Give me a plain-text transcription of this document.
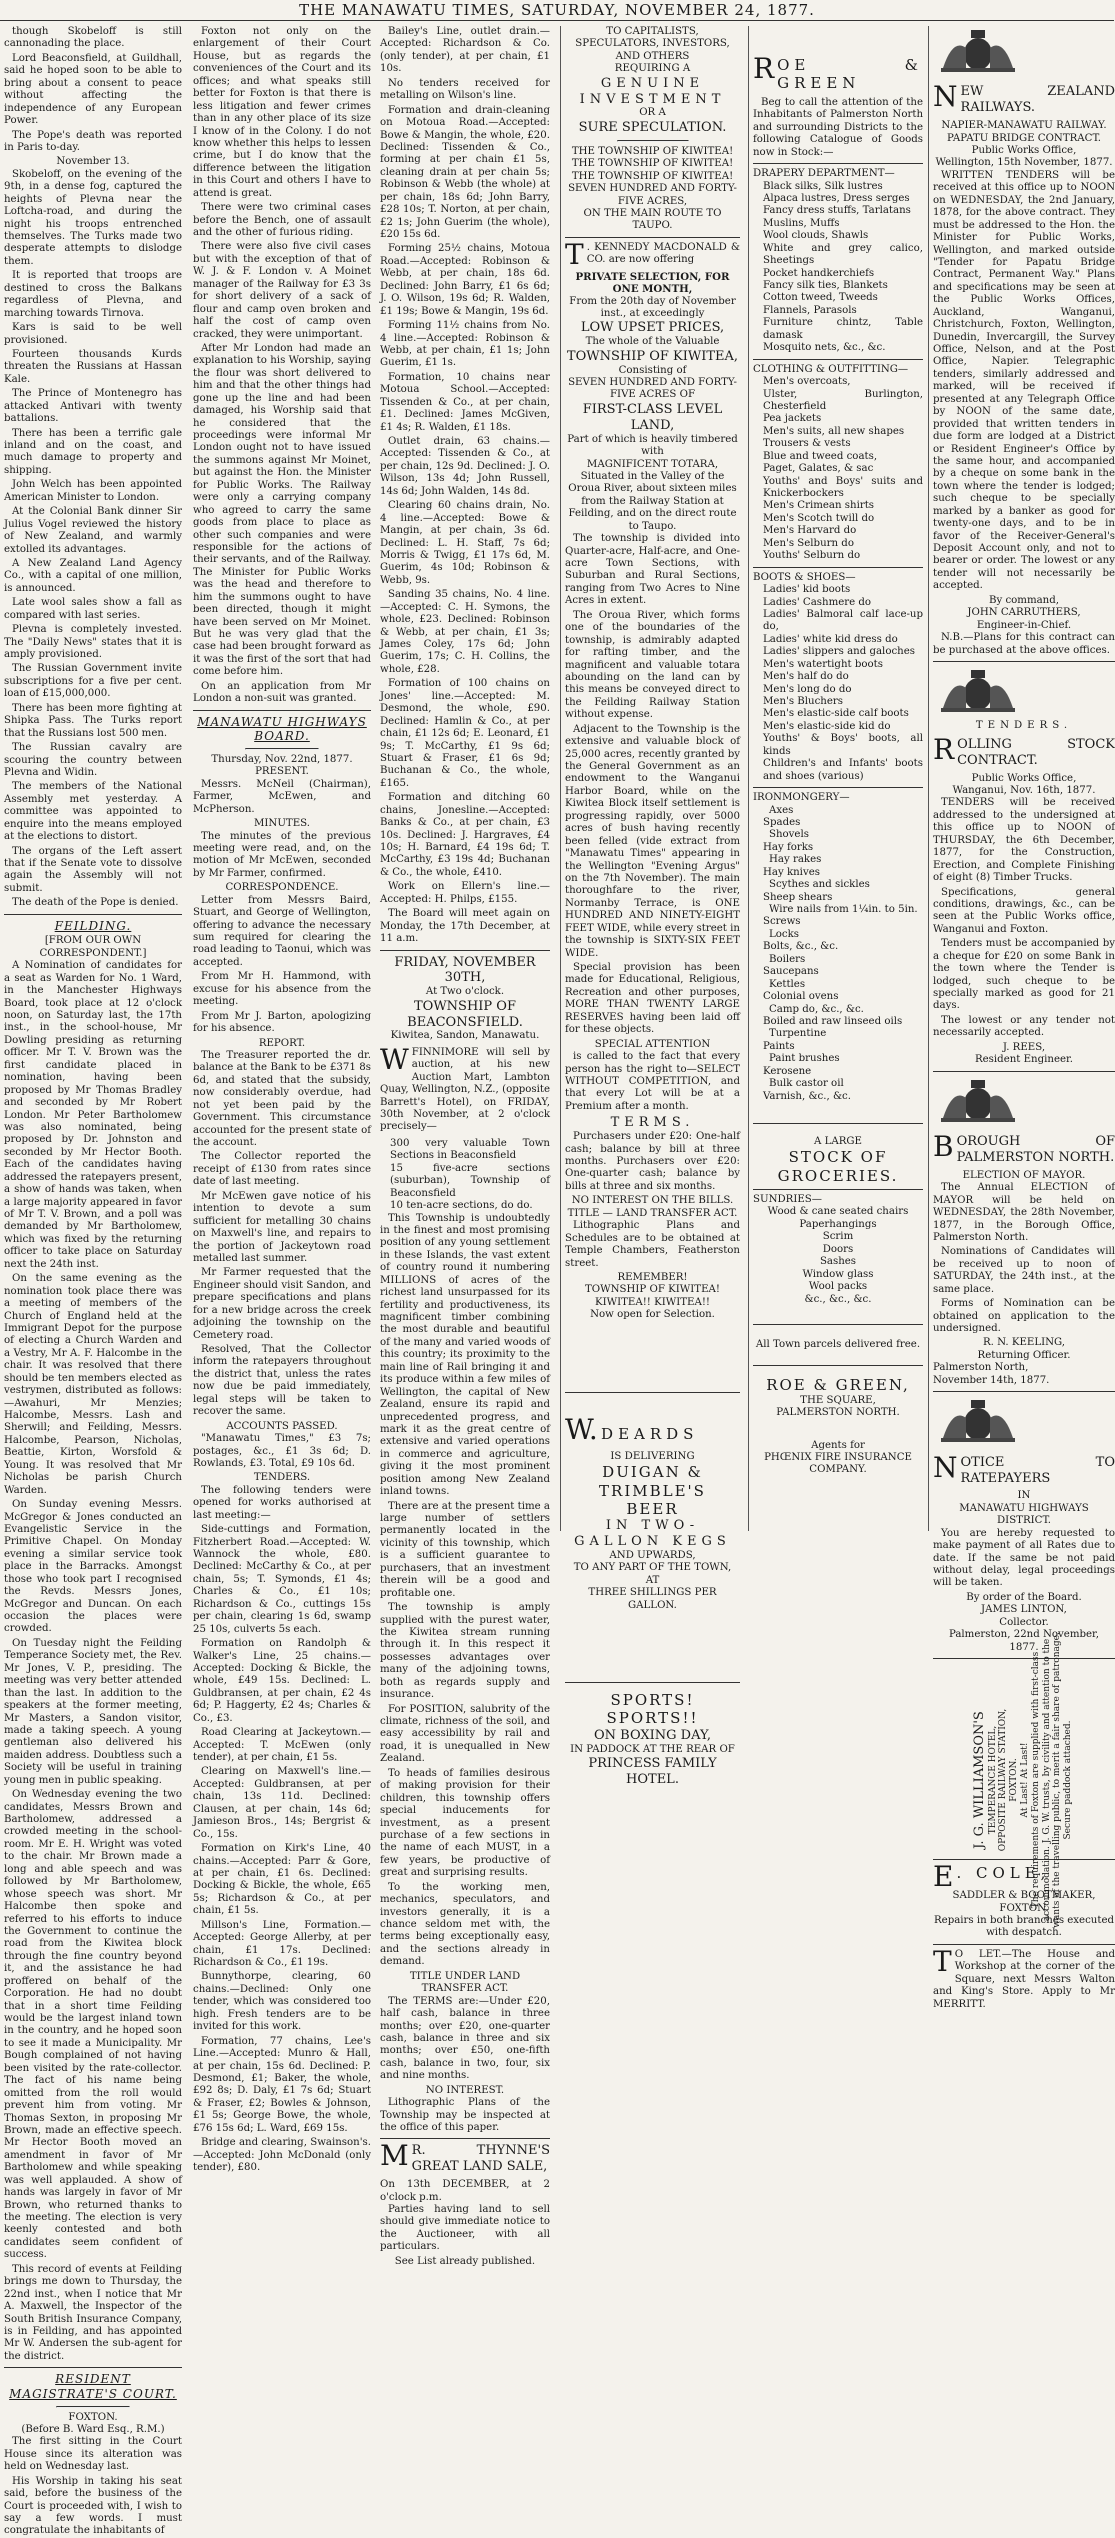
THE MANAWATU TIMES, SATURDAY, NOVEMBER 24, 1877.

though Skobeloff is still cannonading the place.

Lord Beaconsfield, at Guildhall, said he hoped soon to be able to bring about a consent to peace without affecting the independence of any European Power.

The Pope's death was reported in Paris to-day.

November 13.

Skobeloff, on the evening of the 9th, in a dense fog, captured the heights of Plevna near the Loftcha-road, and during the night his troops entrenched themselves. The Turks made two desperate attempts to dislodge them.

It is reported that troops are destined to cross the Balkans regardless of Plevna, and marching towards Tirnova.

Kars is said to be well provisioned.

Fourteen thousands Kurds threaten the Russians at Hassan Kale.

The Prince of Montenegro has attacked Antivari with twenty battalions.

There has been a terrific gale inland and on the coast, and much damage to property and shipping.

John Welch has been appointed American Minister to London.

At the Colonial Bank dinner Sir Julius Vogel reviewed the history of New Zealand, and warmly extolled its advantages.

A New Zealand Land Agency Co., with a capital of one million, is announced.

Late wool sales show a fall as compared with last series.

Plevna is completely invested. The "Daily News" states that it is amply provisioned.

The Russian Government invite subscriptions for a five per cent. loan of £15,000,000.

There has been more fighting at Shipka Pass. The Turks report that the Russians lost 500 men.

The Russian cavalry are scouring the country between Plevna and Widin.

The members of the National Assembly met yesterday. A committee was appointed to enquire into the means employed at the elections to distort.

The organs of the Left assert that if the Senate vote to dissolve again the Assembly will not submit.

The death of the Pope is denied.

FEILDING.
[FROM OUR OWN CORRESPONDENT.]

A Nomination of candidates for a seat as Warden for No. 1 Ward, in the Manchester Highways Board, took place at 12 o'clock noon, on Saturday last, the 17th inst., in the school-house, Mr Dowling presiding as returning officer. Mr T. V. Brown was the first candidate placed in nomination, having been proposed by Mr Thomas Bradley and seconded by Mr Robert London. Mr Peter Bartholomew was also nominated, being proposed by Dr. Johnston and seconded by Mr Hector Booth. Each of the candidates having addressed the ratepayers present, a show of hands was taken, when a large majority appeared in favor of Mr T. V. Brown, and a poll was demanded by Mr Bartholomew, which was fixed by the returning officer to take place on Saturday next the 24th inst.

On the same evening as the nomination took place there was a meeting of members of the Church of England held at the Immigrant Depot for the purpose of electing a Church Warden and a Vestry, Mr A. F. Halcombe in the chair. It was resolved that there should be ten members elected as vestrymen, distributed as follows:—Awahuri, Mr Menzies; Halcombe, Messrs. Lash and Sherwill; and Feilding, Messrs. Halcombe, Pearson, Nicholas, Beattie, Kirton, Worsfold & Young. It was resolved that Mr Nicholas be parish Church Warden.

On Sunday evening Messrs. McGregor & Jones conducted an Evangelistic Service in the Primitive Chapel. On Monday evening a similar service took place in the Barracks. Amongst those who took part I recognised the Revds. Messrs Jones, McGregor and Duncan. On each occasion the places were crowded.

On Tuesday night the Feilding Temperance Society met, the Rev. Mr Jones, V. P., presiding. The meeting was very better attended than the last. In addition to the speakers at the former meeting, Mr Masters, a Sandon visitor, made a taking speech. A young gentleman also delivered his maiden address. Doubtless such a Society will be useful in training young men in public speaking.

On Wednesday evening the two candidates, Messrs Brown and Bartholomew, addressed a crowded meeting in the school-room. Mr E. H. Wright was voted to the chair. Mr Brown made a long and able speech and was followed by Mr Bartholomew, whose speech was short. Mr Halcombe then spoke and referred to his efforts to induce the Government to continue the road from the Kiwitea block through the fine country beyond it, and the assistance he had proffered on behalf of the Corporation. He had no doubt that in a short time Feilding would be the largest inland town in the country, and he hoped soon to see it made a Municipality. Mr Bough complained of not having been visited by the rate-collector. The fact of his name being omitted from the roll would prevent him from voting. Mr Thomas Sexton, in proposing Mr Brown, made an effective speech. Mr Hector Booth moved an amendment in favor of Mr Bartholomew and while speaking was well applauded. A show of hands was largely in favor of Mr Brown, who returned thanks to the meeting. The election is very keenly contested and both candidates seem confident of success.

This record of events at Feilding brings me down to Thursday, the 22nd inst., when I notice that Mr A. Maxwell, the Inspector of the South British Insurance Company, is in Feilding, and has appointed Mr W. Andersen the sub-agent for the district.

RESIDENT MAGISTRATE'S COURT.
FOXTON.
(Before B. Ward Esq., R.M.)

The first sitting in the Court House since its alteration was held on Wednesday last.

His Worship in taking his seat said, before the business of the Court is proceeded with, I wish to say a few words. I must congratulate the inhabitants of

Foxton not only on the enlargement of their Court House, but as regards the conveniences of the Court and its offices; and what speaks still better for Foxton is that there is less litigation and fewer crimes than in any other place of its size I know of in the Colony. I do not know whether this helps to lessen crime, but I do know that the difference between the litigation in this Court and others I have to attend is great.

There were two criminal cases before the Bench, one of assault and the other of furious riding.

There were also five civil cases but with the exception of that of W. J. & F. London v. A Moinet manager of the Railway for £3 3s for short delivery of a sack of flour and camp oven broken and half the cost of camp oven cracked, they were unimportant.

After Mr London had made an explanation to his Worship, saying the flour was short delivered to him and that the other things had gone up the line and had been damaged, his Worship said that he considered that the proceedings were informal Mr London ought not to have issued the summons against Mr Moinet, but against the Hon. the Minister for Public Works. The Railway were only a carrying company who agreed to carry the same goods from place to place as other such companies and were responsible for the actions of their servants, and of the Railway. The Minister for Public Works was the head and therefore to him the summons ought to have been directed, though it might have been served on Mr Moinet. But he was very glad that the case had been brought forward as it was the first of the sort that had come before him.

On an application from Mr London a non-suit was granted.

MANAWATU HIGHWAYS BOARD.
Thursday, Nov. 22nd, 1877.
PRESENT.

Messrs. McNeil (Chairman), Farmer, McEwen, and McPherson.

MINUTES.

The minutes of the previous meeting were read, and, on the motion of Mr McEwen, seconded by Mr Farmer, confirmed.

CORRESPONDENCE.

Letter from Messrs Baird, Stuart, and George of Wellington, offering to advance the necessary sum required for clearing the road leading to Taonui, which was accepted.

From Mr H. Hammond, with excuse for his absence from the meeting.

From Mr J. Barton, apologizing for his absence.

REPORT.

The Treasurer reported the dr. balance at the Bank to be £371 8s 6d, and stated that the subsidy, now considerably overdue, had not yet been paid by the Government. This circumstance accounted for the present state of the account.

The Collector reported the receipt of £130 from rates since date of last meeting.

Mr McEwen gave notice of his intention to devote a sum sufficient for metalling 30 chains on Maxwell's line, and repairs to the portion of Jackeytown road metalled last summer.

Mr Farmer requested that the Engineer should visit Sandon, and prepare specifications and plans for a new bridge across the creek adjoining the township on the Cemetery road.

Resolved, That the Collector inform the ratepayers throughout the district that, unless the rates now due be paid immediately, legal steps will be taken to recover the same.

ACCOUNTS PASSED.

"Manawatu Times," £3 7s; postages, &c., £1 3s 6d; D. Rowlands, £3. Total, £9 10s 6d.

TENDERS.

The following tenders were opened for works authorised at last meeting:—

Side-cuttings and Formation, Fitzherbert Road.—Accepted: W. Wannock the whole, £80. Declined: McCarthy & Co., at per chain, 5s; T. Symonds, £1 4s; Charles & Co., £1 10s; Richardson & Co., cuttings 15s per chain, clearing 1s 6d, swamp 25 10s, culverts 5s each.

Formation on Randolph & Walker's Line, 25 chains.—Accepted: Docking & Bickle, the whole, £49 15s. Declined: L. Guldbransen, at per chain, £2 4s 6d; P. Haggerty, £2 4s; Charles & Co., £3.

Road Clearing at Jackeytown.—Accepted: T. McEwen (only tender), at per chain, £1 5s.

Clearing on Maxwell's line.—Accepted: Guldbransen, at per chain, 13s 11d. Declined: Clausen, at per chain, 14s 6d; Jamieson Bros., 14s; Bergrist & Co., 15s.

Formation on Kirk's Line, 40 chains.—Accepted: Parr & Gore, at per chain, £1 6s. Declined: Docking & Bickle, the whole, £65 5s; Richardson & Co., at per chain, £1 5s.

Millson's Line, Formation.—Accepted: George Allerby, at per chain, £1 17s. Declined: Richardson & Co., £1 19s.

Bunnythorpe, clearing, 60 chains.—Declined: Only one tender, which was considered too high. Fresh tenders are to be invited for this work.

Formation, 77 chains, Lee's Line.—Accepted: Munro & Hall, at per chain, 15s 6d. Declined: P. Desmond, £1; Baker, the whole, £92 8s; D. Daly, £1 7s 6d; Stuart & Fraser, £2; Bowles & Johnson, £1 5s; George Bowe, the whole, £76 15s 6d; L. Ward, £69 15s.

Bridge and clearing, Swainson's.—Accepted: John McDonald (only tender), £80.

Bailey's Line, outlet drain.—Accepted: Richardson & Co. (only tender), at per chain, £1 10s.

No tenders received for metalling on Wilson's line.

Formation and drain-cleaning on Motoua Road.—Accepted: Bowe & Mangin, the whole, £20. Declined: Tissenden & Co., forming at per chain £1 5s, cleaning drain at per chain 5s; Robinson & Webb (the whole) at per chain, 18s 6d; John Barry, £28 10s; T. Norton, at per chain, £2 1s; John Guerim (the whole), £20 15s 6d.

Forming 25½ chains, Motoua Road.—Accepted: Robinson & Webb, at per chain, 18s 6d. Declined: John Barry, £1 6s 6d; J. O. Wilson, 19s 6d; R. Walden, £1 19s; Bowe & Mangin, 19s 6d.

Forming 11½ chains from No. 4 line.—Accepted: Robinson & Webb, at per chain, £1 1s; John Guerim, £1 1s.

Formation, 10 chains near Motoua School.—Accepted: Tissenden & Co., at per chain, £1. Declined: James McGiven, £1 4s; R. Walden, £1 18s.

Outlet drain, 63 chains.—Accepted: Tissenden & Co., at per chain, 12s 9d. Declined: J. O. Wilson, 13s 4d; John Russell, 14s 6d; John Walden, 14s 8d.

Clearing 60 chains drain, No. 4 line.—Accepted: Bowe & Mangin, at per chain, 3s 6d. Declined: L. H. Staff, 7s 6d; Morris & Twigg, £1 17s 6d, M. Guerim, 4s 10d; Robinson & Webb, 9s.

Sanding 35 chains, No. 4 line.—Accepted: C. H. Symons, the whole, £23. Declined: Robinson & Webb, at per chain, £1 3s; James Coley, 17s 6d; John Guerim, 17s; C. H. Collins, the whole, £28.

Formation of 100 chains on Jones' line.—Accepted: M. Desmond, the whole, £90. Declined: Hamlin & Co., at per chain, £1 12s 6d; E. Leonard, £1 9s; T. McCarthy, £1 9s 6d; Stuart & Fraser, £1 6s 9d; Buchanan & Co., the whole, £165.

Formation and ditching 60 chains, Jonesline.—Accepted: Banks & Co., at per chain, £3 10s. Declined: J. Hargraves, £4 10s; H. Barnard, £4 19s 6d; T. McCarthy, £3 19s 4d; Buchanan & Co., the whole, £410.

Work on Ellern's line.—Accepted: H. Philps, £155.

The Board will meet again on Monday, the 17th December, at 11 a.m.

FRIDAY, NOVEMBER 30TH,
At Two o'clock.
TOWNSHIP OF BEACONSFIELD.
Kiwitea, Sandon, Manawatu.
W FINNIMORE will sell by auction, at his new Auction Mart, Lambton Quay, Wellington, N.Z., (opposite Barrett's Hotel), on FRIDAY, 30th November, at 2 o'clock precisely—
300 very valuable Town Sections in Beaconsfield
15 five-acre sections (suburban), Township of Beaconsfield
10 ten-acre sections, do do.

This Township is undoubtedly in the finest and most promising position of any young settlement in these Islands, the vast extent of country round it numbering MILLIONS of acres of the richest land unsurpassed for its fertility and productiveness, its magnificent timber combining the most durable and beautiful of the many and varied woods of this country; its proximity to the main line of Rail bringing it and its produce within a few miles of Wellington, the capital of New Zealand, ensure its rapid and unprecedented progress, and mark it as the great centre of extensive and varied operations in commerce and agriculture, giving it the most prominent position among New Zealand inland towns.

There are at the present time a large number of settlers permanently located in the vicinity of this township, which is a sufficient guarantee to purchasers, that an investment therein will be a good and profitable one.

The township is amply supplied with the purest water, the Kiwitea stream running through it. In this respect it possesses advantages over many of the adjoining towns, both as regards supply and insurance.

For POSITION, salubrity of the climate, richness of the soil, and easy accessibility by rail and road, it is unequalled in New Zealand.

To heads of families desirous of making provision for their children, this township offers special inducements for investment, as a present purchase of a few sections in the name of each MUST, in a few years, be productive of great and surprising results.

To the working men, mechanics, speculators, and investors generally, it is a chance seldom met with, the terms being exceptionally easy, and the sections already in demand.

TITLE UNDER LAND TRANSFER ACT.

The TERMS are:—Under £20, half cash, balance in three months; over £20, one-quarter cash, balance in three and six months; over £50, one-fifth cash, balance in two, four, six and nine months.

NO INTEREST.

Lithographic Plans of the Township may be inspected at the office of this paper.

M R. THYNNE'S GREAT LAND SALE,
On 13th DECEMBER, at 2 o'clock p.m.

Parties having land to sell should give immediate notice to the Auctioneer, with all particulars.

See List already published.
TO CAPITALISTS, SPECULATORS, INVESTORS, AND OTHERS
REQUIRING A
GENUINE INVESTMENT
OR A
SURE SPECULATION.
THE TOWNSHIP OF KIWITEA!
THE TOWNSHIP OF KIWITEA!
THE TOWNSHIP OF KIWITEA!
SEVEN HUNDRED AND FORTY-FIVE ACRES,
ON THE MAIN ROUTE TO TAUPO.
T . KENNEDY MACDONALD & CO. are now offering
PRIVATE SELECTION, FOR ONE MONTH,
From the 20th day of November inst., at exceedingly
LOW UPSET PRICES,
The whole of the Valuable
TOWNSHIP OF KIWITEA,
Consisting of
SEVEN HUNDRED AND FORTY-FIVE ACRES OF
FIRST-CLASS LEVEL LAND,
Part of which is heavily timbered with
MAGNIFICENT TOTARA,
Situated in the Valley of the Oroua River, about sixteen miles from the Railway Station at Feilding, and on the direct route to Taupo.

The township is divided into Quarter-acre, Half-acre, and One-acre Town Sections, with Suburban and Rural Sections, ranging from Two Acres to Nine Acres in extent.

The Oroua River, which forms one of the boundaries of the township, is admirably adapted for rafting timber, and the magnificent and valuable totara abounding on the land can by this means be conveyed direct to the Feilding Railway Station without expense.

Adjacent to the Township is the extensive and valuable block of 25,000 acres, recently granted by the General Government as an endowment to the Wanganui Harbor Board, while on the Kiwitea Block itself settlement is progressing rapidly, over 5000 acres of bush having recently been felled (vide extract from "Manawatu Times" appearing in the Wellington "Evening Argus" on the 7th November). The main thoroughfare to the river, Normanby Terrace, is ONE HUNDRED AND NINETY-EIGHT FEET WIDE, while every street in the township is SIXTY-SIX FEET WIDE.

Special provision has been made for Educational, Religious, Recreation and other purposes, MORE THAN TWENTY LARGE RESERVES having been laid off for these objects.

SPECIAL ATTENTION

is called to the fact that every person has the right to—SELECT WITHOUT COMPETITION, and that every Lot will be at a Premium after a month.

TERMS.

Purchasers under £20: One-half cash; balance by bill at three months. Purchasers over £20: One-quarter cash; balance by bills at three and six months.

NO INTEREST ON THE BILLS.
TITLE — LAND TRANSFER ACT.

Lithographic Plans and Schedules are to be obtained at Temple Chambers, Featherston street.

REMEMBER!
TOWNSHIP OF KIWITEA!
KIWITEA!! KIWITEA!!
Now open for Selection.
W. DEARDS
IS DELIVERING
DUIGAN & TRIMBLE'S
BEER
IN TWO-GALLON KEGS
AND UPWARDS,
TO ANY PART OF THE TOWN,
AT
THREE SHILLINGS PER GALLON.
SPORTS! SPORTS!!
ON BOXING DAY,
IN PADDOCK AT THE REAR OF
PRINCESS FAMILY HOTEL.
R OE & GREEN

Beg to call the attention of the Inhabitants of Palmerston North and surrounding Districts to the following Catalogue of Goods now in Stock:—

DRAPERY DEPARTMENT—
Black silks, Silk lustres
Alpaca lustres, Dress serges
Fancy dress stuffs, Tarlatans
Muslins, Muffs
Wool clouds, Shawls
White and grey calico, Sheetings
Pocket handkerchiefs
Fancy silk ties, Blankets
Cotton tweed, Tweeds
Flannels, Parasols
Furniture chintz, Table damask
Mosquito nets, &c., &c.
CLOTHING & OUTFITTING—
Men's overcoats,
Ulster, Burlington, Chesterfield
Pea jackets
Men's suits, all new shapes
Trousers & vests
Blue and tweed coats,
Paget, Galates, & sac
Youths' and Boys' suits and Knickerbockers
Men's Crimean shirts
Men's Scotch twill do
Men's Harvard do
Men's Selburn do
Youths' Selburn do
BOOTS & SHOES—
Ladies' kid boots
Ladies' Cashmere do
Ladies' Balmoral calf lace-up do,
Ladies' white kid dress do
Ladies' slippers and galoches
Men's watertight boots
Men's half do do
Men's long do do
Men's Bluchers
Men's elastic-side calf boots
Men's elastic-side kid do
Youths' & Boys' boots, all kinds
Children's and Infants' boots and shoes (various)
IRONMONGERY—
Axes
Spades
Shovels
Hay forks
Hay rakes
Hay knives
Scythes and sickles
Sheep shears
Wire nails from 1¼in. to 5in.
Screws
Locks
Bolts, &c., &c.
Boilers
Saucepans
Kettles
Colonial ovens
Camp do, &c., &c.
Boiled and raw linseed oils
Turpentine
Paints
Paint brushes
Kerosene
Bulk castor oil
Varnish, &c., &c.
A LARGE
STOCK OF GROCERIES.
SUNDRIES—
Wood & cane seated chairs
Paperhangings
Scrim
Doors
Sashes
Window glass
Wool packs
&c., &c., &c.
All Town parcels delivered free.
ROE & GREEN,
THE SQUARE,
PALMERSTON NORTH.
Agents for
PHŒNIX FIRE INSURANCE COMPANY.
N EW ZEALAND RAILWAYS.
NAPIER-MANAWATU RAILWAY.
PAPATU BRIDGE CONTRACT.
Public Works Office,
Wellington, 15th November, 1877.

WRITTEN TENDERS will be received at this office up to NOON on WEDNESDAY, the 2nd January, 1878, for the above contract. They must be addressed to the Hon. the Minister for Public Works, Wellington, and marked outside "Tender for Papatu Bridge Contract, Permanent Way." Plans and specifications may be seen at the Public Works Offices, Auckland, Wanganui, Christchurch, Foxton, Wellington, Dunedin, Invercargill, the Survey Office, Nelson, and at the Post Office, Napier. Telegraphic tenders, similarly addressed and marked, will be received if presented at any Telegraph Office by NOON of the same date, provided that written tenders in due form are lodged at a District or Resident Engineer's Office by the same hour, and accompanied by a cheque on some bank in the town where the tender is lodged; such cheque to be specially marked by a banker as good for twenty-one days, and to be in favor of the Receiver-General's Deposit Account only, and not to bearer or order. The lowest or any tender will not necessarily be accepted.

By command,
JOHN CARRUTHERS,
Engineer-in-Chief.

N.B.—Plans for this contract can be purchased at the above offices.

TENDERS.
R OLLING STOCK CONTRACT.
Public Works Office,
Wanganui, Nov. 16th, 1877.

TENDERS will be received addressed to the undersigned at this office up to NOON of THURSDAY, the 6th December, 1877, for the Construction, Erection, and Complete Finishing of eight (8) Timber Trucks.

Specifications, general conditions, drawings, &c., can be seen at the Public Works office, Wanganui and Foxton.

Tenders must be accompanied by a cheque for £20 on some Bank in the town where the Tender is lodged, such cheque to be specially marked as good for 21 days.

The lowest or any tender not necessarily accepted.

J. REES,
Resident Engineer.
B OROUGH OF PALMERSTON NORTH.
ELECTION OF MAYOR.

The Annual ELECTION of MAYOR will be held on WEDNESDAY, the 28th November, 1877, in the Borough Office, Palmerston North.

Nominations of Candidates will be received up to noon of SATURDAY, the 24th inst., at the same place.

Forms of Nomination can be obtained on application to the undersigned.

R. N. KEELING,
Returning Officer.
Palmerston North,
November 14th, 1877.
N OTICE TO RATEPAYERS
IN
MANAWATU HIGHWAYS DISTRICT.

You are hereby requested to make payment of all Rates due to date. If the same be not paid without delay, legal proceedings will be taken.

By order of the Board.
JAMES LINTON,
Collector.
Palmerston, 22nd November, 1877.
J. G. WILLIAMSON'S TEMPERANCE HOTEL, OPPOSITE RAILWAY STATION, FOXTON. At Last! At Last! The requirements of Foxton are supplied with first-class accommodation. J. G. W. trusts, by civility and attention to the wants of the travelling public, to merit a fair share of patronage. Secure paddock attached.
E . COLE,
SADDLER & BOOTMAKER,
FOXTON.
Repairs in both branches executed with despatch.
T O LET.—The House and Workshop at the corner of the Square, next Messrs Walton and King's Store. Apply to Mr MERRITT.
